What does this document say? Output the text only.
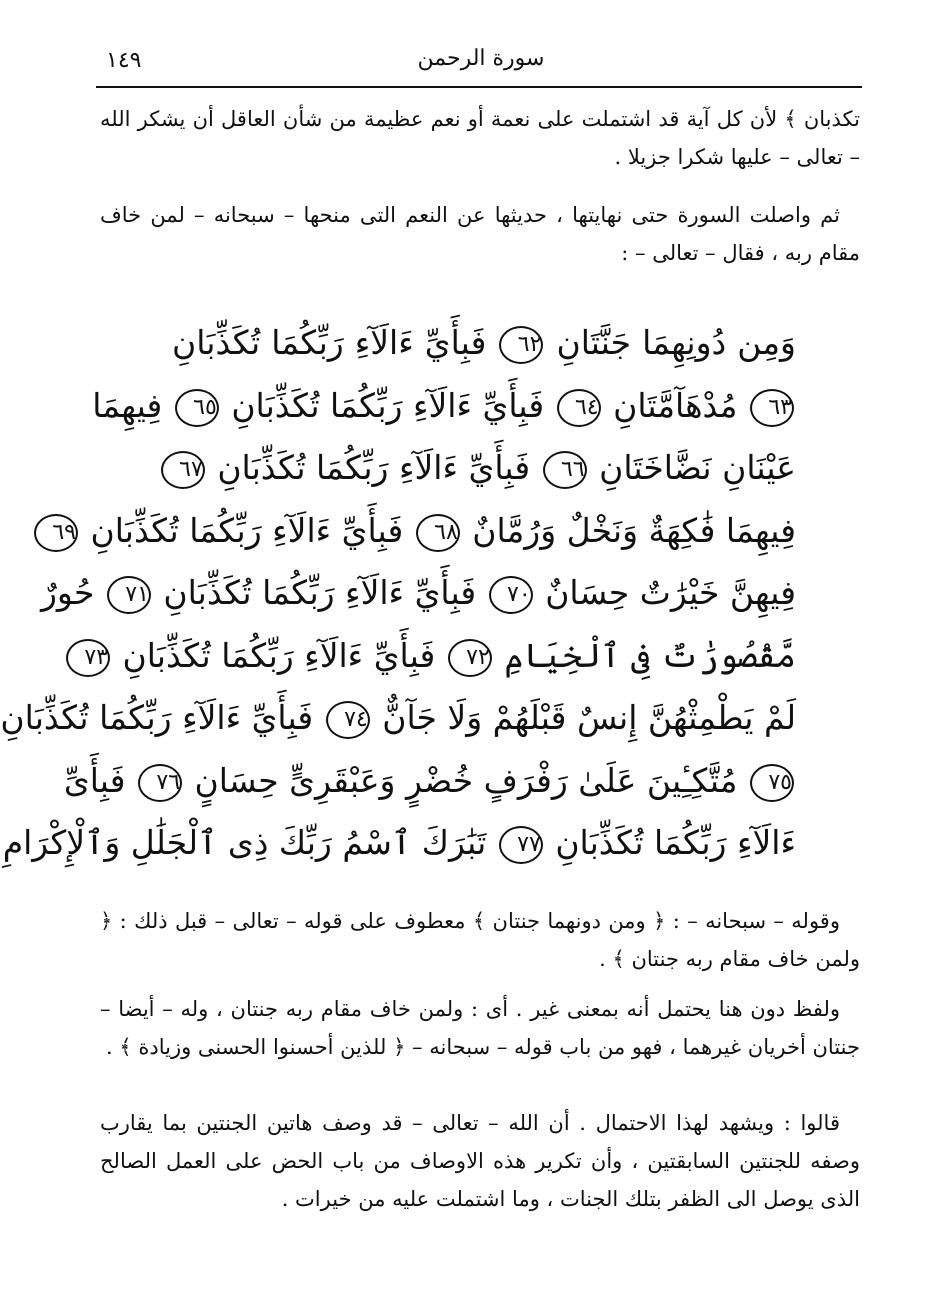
١٤٩	سورة الرحمن
تكذبان ﴾ لأن كل آية قد اشتملت على نعمة أو نعم عظيمة من شأن العاقل أن يشكر الله – تعالى – عليها شكرا جزيلا .
ثم واصلت السورة حتى نهايتها ، حديثها عن النعم التى منحها – سبحانه – لمن خاف مقام ربه ، فقال – تعالى – :
وَمِن دُونِهِمَا جَنَّتَانِ ٦٢ فَبِأَيِّ ءَالَآءِ رَبِّكُمَا تُكَذِّبَانِ
٦٣ مُدْهَآمَّتَانِ ٦٤ فَبِأَيِّ ءَالَآءِ رَبِّكُمَا تُكَذِّبَانِ ٦٥ فِيهِمَا
عَيْنَانِ نَضَّاخَتَانِ ٦٦ فَبِأَيِّ ءَالَآءِ رَبِّكُمَا تُكَذِّبَانِ ٦٧
فِيهِمَا فَٰكِهَةٌ وَنَخْلٌ وَرُمَّانٌ ٦٨ فَبِأَيِّ ءَالَآءِ رَبِّكُمَا تُكَذِّبَانِ ٦٩
فِيهِنَّ خَيْرَٰتٌ حِسَانٌ ٧٠ فَبِأَيِّ ءَالَآءِ رَبِّكُمَا تُكَذِّبَانِ ٧١ حُورٌ
مَّقْصُورَٰتٌ فِى ٱلْخِيَامِ ٧٢ فَبِأَيِّ ءَالَآءِ رَبِّكُمَا تُكَذِّبَانِ ٧٣
لَمْ يَطْمِثْهُنَّ إِنسٌ قَبْلَهُمْ وَلَا جَآنٌّ ٧٤ فَبِأَيِّ ءَالَآءِ رَبِّكُمَا تُكَذِّبَانِ
٧٥ مُتَّكِـِٔينَ عَلَىٰ رَفْرَفٍ خُضْرٍ وَعَبْقَرِىٍّ حِسَانٍ ٧٦ فَبِأَىِّ
ءَالَآءِ رَبِّكُمَا تُكَذِّبَانِ ٧٧ تَبَٰرَكَ ٱسْمُ رَبِّكَ ذِى ٱلْجَلَٰلِ وَٱلْإِكْرَامِ
وقوله – سبحانه – : ﴿ ومن دونهما جنتان ﴾ معطوف على قوله – تعالى – قبل ذلك : ﴿ ولمن خاف مقام ربه جنتان ﴾ .
ولفظ دون هنا يحتمل أنه بمعنى غير . أى : ولمن خاف مقام ربه جنتان ، وله – أيضا – جنتان أخريان غيرهما ، فهو من باب قوله – سبحانه – ﴿ للذين أحسنوا الحسنى وزيادة ﴾ .
قالوا : ويشهد لهذا الاحتمال . أن الله – تعالى – قد وصف هاتين الجنتين بما يقارب وصفه للجنتين السابقتين ، وأن تكرير هذه الاوصاف من باب الحض على العمل الصالح الذى يوصل الى الظفر بتلك الجنات ، وما اشتملت عليه من خيرات .
